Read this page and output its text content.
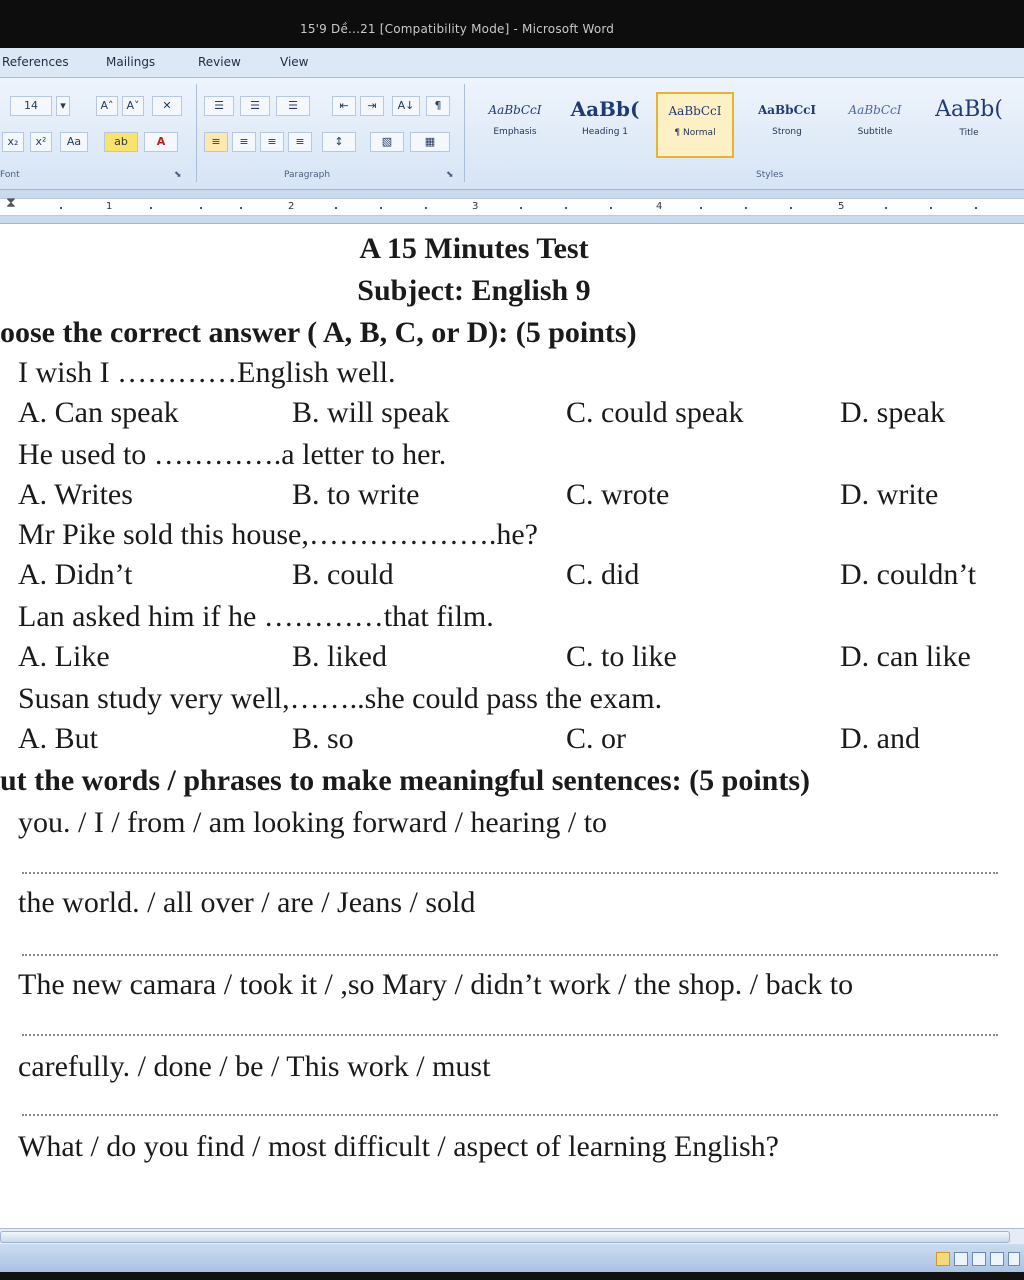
15'9 Dề...21 [Compatibility Mode] - Microsoft Word
References	Mailings	Review	View
14	▾	A˄	A˅	✕
x₂	x²	Aa	ab	A
Font	⬊
☰	☰	☰	⇤	⇥	A↓	¶
≡	≡	≡	≡	↕	▧	▦
Paragraph	⬊
AaBbCcI
Emphasis
AaBb(
Heading 1
AaBbCcI
¶ Normal
AaBbCcI
Strong
AaBbCcI
Subtitle
AaBb(
Title
Styles
⧗	1	2	3	4	5
A 15 Minutes Test
Subject: English 9
oose the correct answer ( A, B, C, or D): (5 points)
I wish I …………English well.
A. Can speak	B. will speak	C. could speak	D. speak
He used to ………….a letter to her.
A. Writes	B. to write	C. wrote	D. write
Mr Pike sold this house,……………….he?
A. Didn’t	B. could	C. did	D. couldn’t
Lan asked him if he …………that film.
A. Like	B. liked	C. to like	D. can like
Susan study very well,……..she could pass the exam.
A. But	B. so	C. or	D. and
ut the words / phrases to make meaningful sentences: (5 points)
you. / I / from / am looking forward / hearing / to
the world. / all over / are / Jeans / sold
The new camara / took it / ,so Mary / didn’t work / the shop. / back to
carefully. / done / be / This work / must
What / do you find / most difficult / aspect of learning English?
